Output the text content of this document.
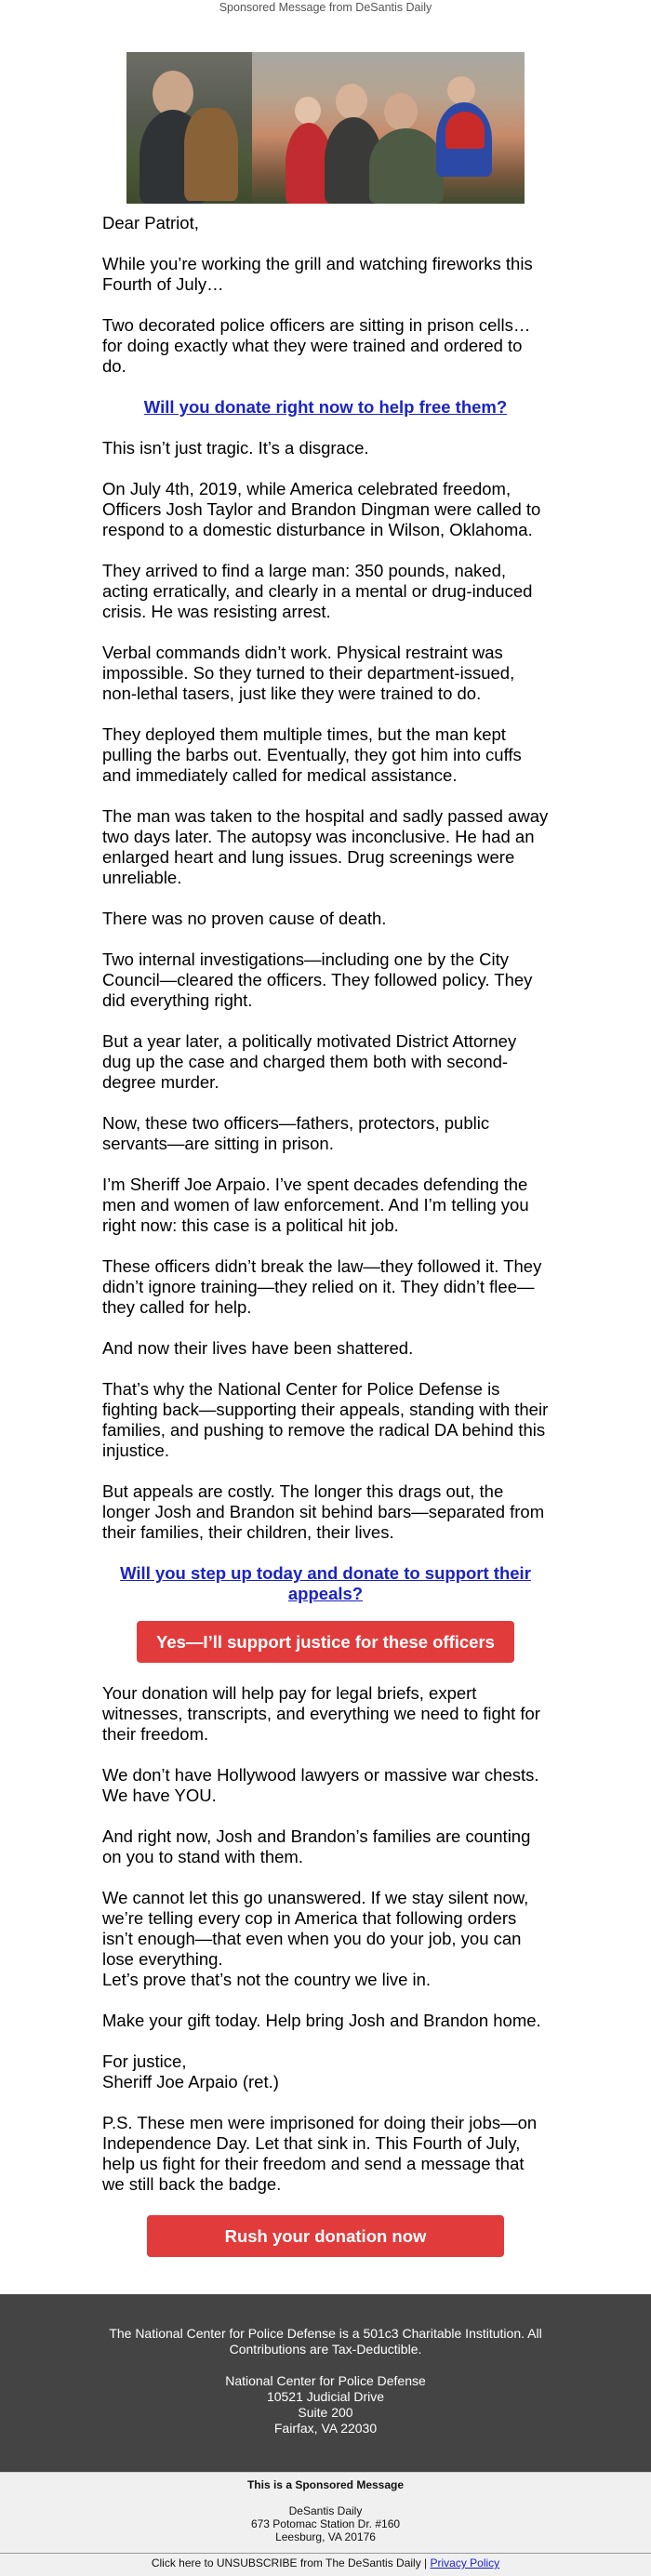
Sponsored Message from DeSantis Daily

Dear Patriot,

While you’re working the grill and watching fireworks this Fourth of July…

Two decorated police officers are sitting in prison cells…for doing exactly what they were trained and ordered to do.

Will you donate right now to help free them?

This isn’t just tragic. It’s a disgrace.

On July 4th, 2019, while America celebrated freedom, Officers Josh Taylor and Brandon Dingman were called to respond to a domestic disturbance in Wilson, Oklahoma.

They arrived to find a large man: 350 pounds, naked, acting erratically, and clearly in a mental or drug-induced crisis. He was resisting arrest.

Verbal commands didn’t work. Physical restraint was impossible. So they turned to their department-issued, non-lethal tasers, just like they were trained to do.

They deployed them multiple times, but the man kept pulling the barbs out. Eventually, they got him into cuffs and immediately called for medical assistance.

The man was taken to the hospital and sadly passed away two days later. The autopsy was inconclusive. He had an enlarged heart and lung issues. Drug screenings were unreliable.

There was no proven cause of death.

Two internal investigations—including one by the City Council—cleared the officers. They followed policy. They did everything right.

But a year later, a politically motivated District Attorney dug up the case and charged them both with second-degree murder.

Now, these two officers—fathers, protectors, public servants—are sitting in prison.

I’m Sheriff Joe Arpaio. I’ve spent decades defending the men and women of law enforcement. And I’m telling you right now: this case is a political hit job.

These officers didn’t break the law—they followed it. They didn’t ignore training—they relied on it. They didn’t flee—they called for help.

And now their lives have been shattered.

That’s why the National Center for Police Defense is fighting back—supporting their appeals, standing with their families, and pushing to remove the radical DA behind this injustice.

But appeals are costly. The longer this drags out, the longer Josh and Brandon sit behind bars—separated from their families, their children, their lives.

Will you step up today and donate to support their appeals?
Yes—I’ll support justice for these officers

Your donation will help pay for legal briefs, expert witnesses, transcripts, and everything we need to fight for their freedom.

We don’t have Hollywood lawyers or massive war chests. We have YOU.

And right now, Josh and Brandon’s families are counting on you to stand with them.

We cannot let this go unanswered. If we stay silent now, we’re telling every cop in America that following orders isn’t enough—that even when you do your job, you can lose everything.
Let’s prove that’s not the country we live in.

Make your gift today. Help bring Josh and Brandon home.

For justice,
Sheriff Joe Arpaio (ret.)

P.S. These men were imprisoned for doing their jobs—on Independence Day. Let that sink in. This Fourth of July, help us fight for their freedom and send a message that we still back the badge.

Rush your donation now
The National Center for Police Defense is a 501c3 Charitable Institution. All
Contributions are Tax-Deductible.
National Center for Police Defense
10521 Judicial Drive
Suite 200
Fairfax, VA 22030
This is a Sponsored Message
DeSantis Daily
673 Potomac Station Dr. #160
Leesburg, VA 20176
Click here to UNSUBSCRIBE from The DeSantis Daily | Privacy Policy
